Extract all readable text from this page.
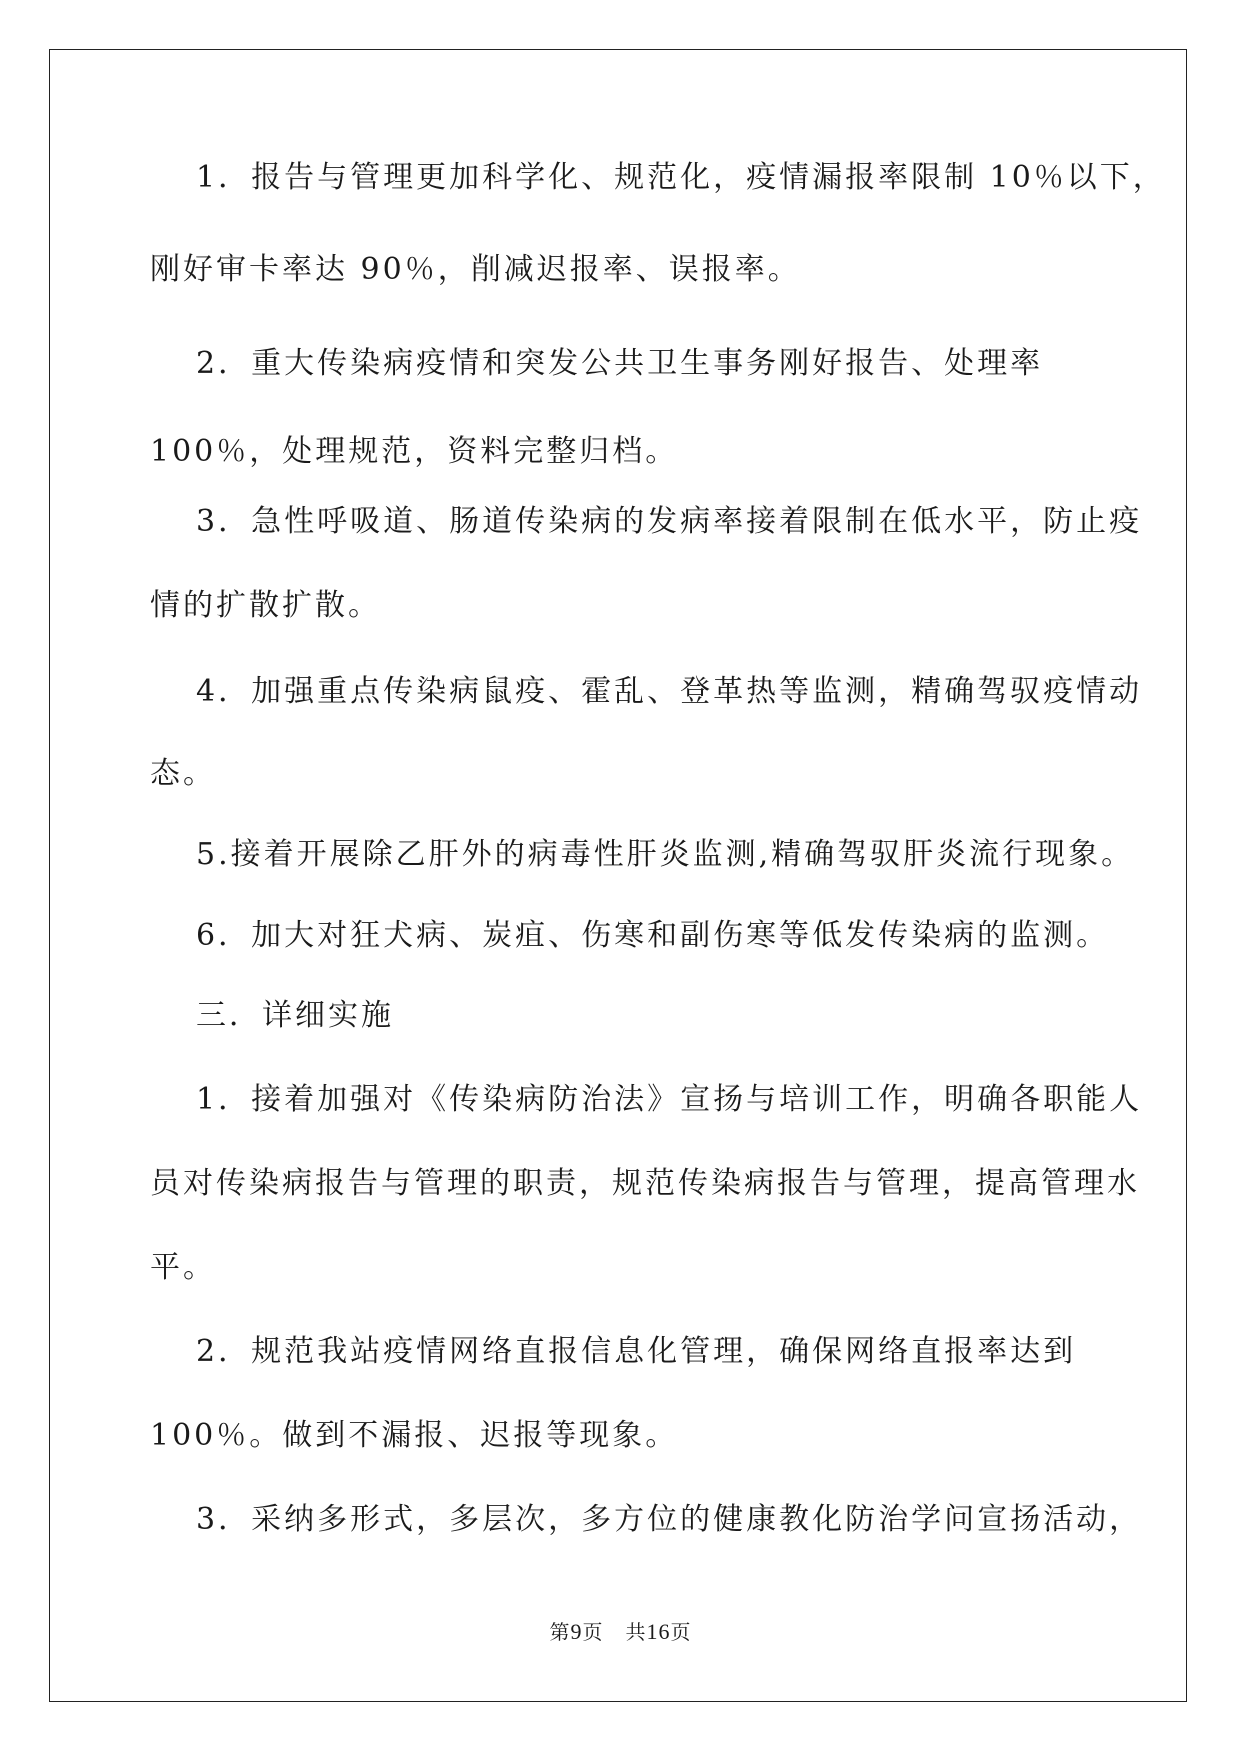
1．报告与管理更加科学化、规范化，疫情漏报率限制 10％以下，
刚好审卡率达 90％，削减迟报率、误报率。
2．重大传染病疫情和突发公共卫生事务刚好报告、处理率
100％，处理规范，资料完整归档。
3．急性呼吸道、肠道传染病的发病率接着限制在低水平，防止疫
情的扩散扩散。
4．加强重点传染病鼠疫、霍乱、登革热等监测，精确驾驭疫情动
态。
5.接着开展除乙肝外的病毒性肝炎监测,精确驾驭肝炎流行现象。
6．加大对狂犬病、炭疽、伤寒和副伤寒等低发传染病的监测。
三．详细实施
1．接着加强对《传染病防治法》宣扬与培训工作，明确各职能人
员对传染病报告与管理的职责，规范传染病报告与管理，提高管理水
平。
2．规范我站疫情网络直报信息化管理，确保网络直报率达到
100％。做到不漏报、迟报等现象。
3．采纳多形式，多层次，多方位的健康教化防治学问宣扬活动，
第9页 共16页
